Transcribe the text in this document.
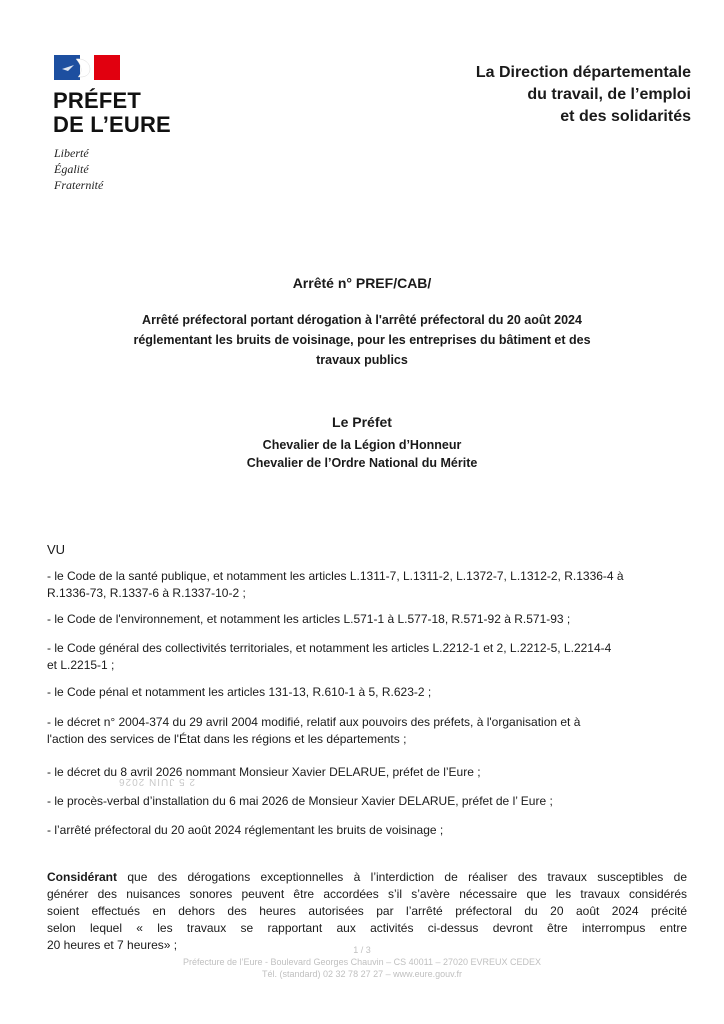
PRÉFET
DE L’EURE
Liberté
Égalité
Fraternité
La Direction départementale
du travail, de l’emploi
et des solidarités
Arrêté n° PREF/CAB/
Arrêté préfectoral portant dérogation à l'arrêté préfectoral du 20 août 2024
réglementant les bruits de voisinage, pour les entreprises du bâtiment et des
travaux publics
Le Préfet
Chevalier de la Légion d’Honneur
Chevalier de l’Ordre National du Mérite
VU
- le Code de la santé publique, et notamment les articles L.1311-7, L.1311-2, L.1372-7, L.1312-2, R.1336-4 à
R.1336-73, R.1337-6 à R.1337-10-2 ;
- le Code de l'environnement, et notamment les articles L.571-1 à L.577-18, R.571-92 à R.571-93 ;
- le Code général des collectivités territoriales, et notamment les articles L.2212-1 et 2, L.2212-5, L.2214-4
et L.2215-1 ;
- le Code pénal et notamment les articles 131-13, R.610-1 à 5, R.623-2 ;
- le décret n° 2004-374 du 29 avril 2004 modifié, relatif aux pouvoirs des préfets, à l'organisation et à
l'action des services de l'État dans les régions et les départements ;
- le décret du 8 avril 2026 nommant Monsieur Xavier DELARUE, préfet de l’Eure ;
- le procès-verbal d’installation du 6 mai 2026 de Monsieur Xavier DELARUE, préfet de l’ Eure ;
- l’arrêté préfectoral du 20 août 2024 réglementant les bruits de voisinage ;
Considérant que des dérogations exceptionnelles à l’interdiction de réaliser des travaux susceptibles de
générer des nuisances sonores peuvent être accordées s’il s’avère nécessaire que les travaux considérés
soient effectués en dehors des heures autorisées par l’arrêté préfectoral du 20 août 2024 précité
selon lequel « les travaux se rapportant aux activités ci-dessus devront être interrompus entre
20 heures et 7 heures» ;
2 5 JUIN 2026
1 / 3
Préfecture de l’Eure - Boulevard Georges Chauvin – CS 40011 – 27020 EVREUX CEDEX
Tél. (standard) 02 32 78 27 27 – www.eure.gouv.fr
